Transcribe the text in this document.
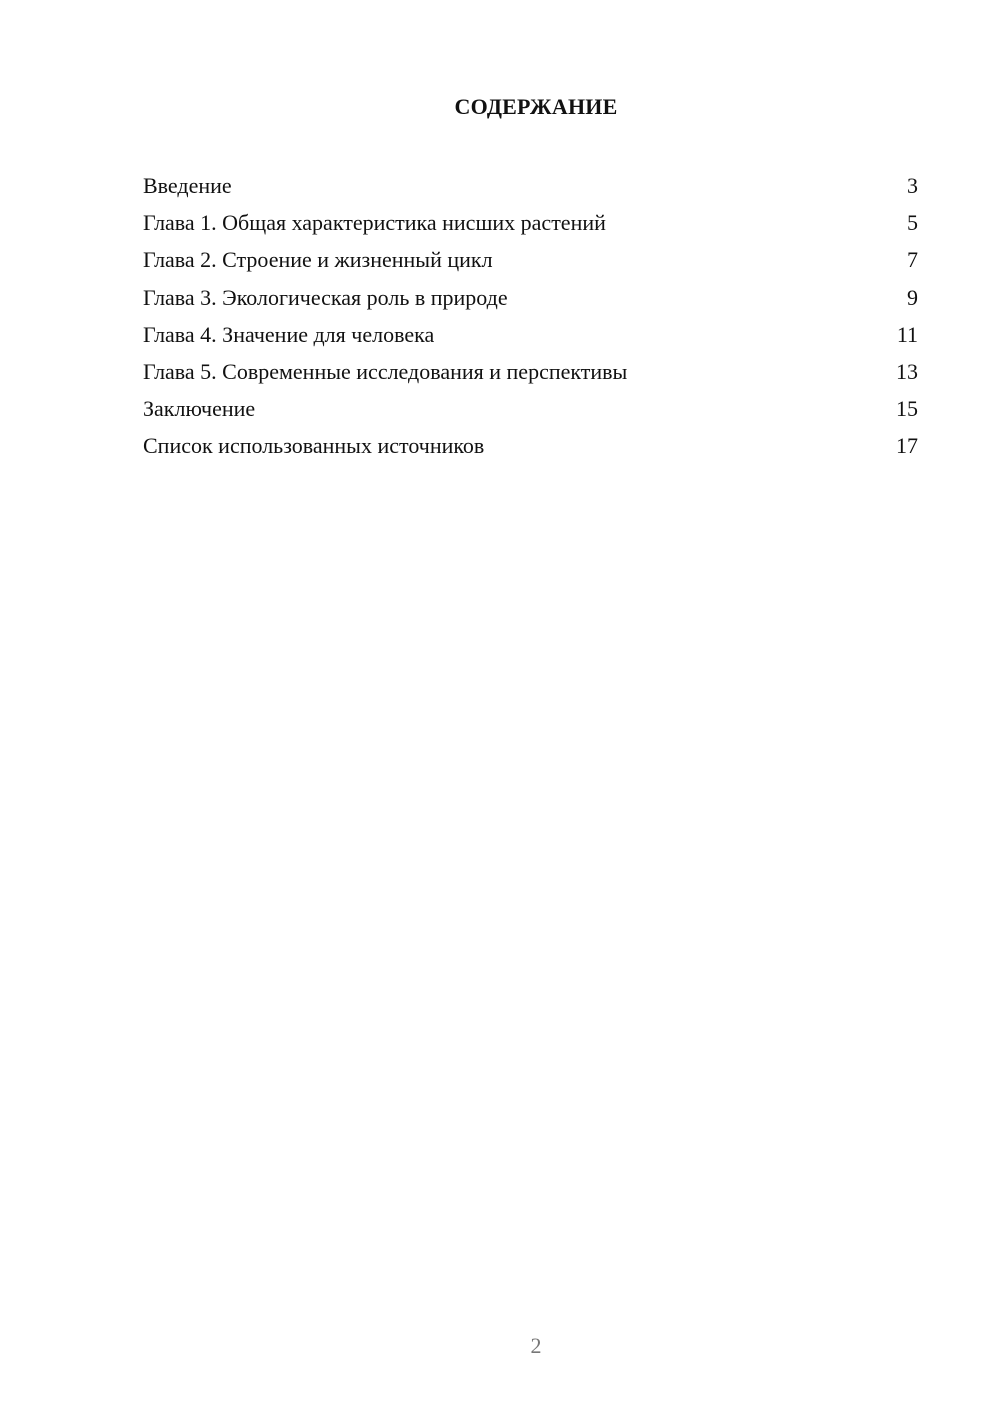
СОДЕРЖАНИЕ
Введение	3
Глава 1. Общая характеристика нисших растений	5
Глава 2. Строение и жизненный цикл	7
Глава 3. Экологическая роль в природе	9
Глава 4. Значение для человека	11
Глава 5. Современные исследования и перспективы	13
Заключение	15
Список использованных источников	17

2
